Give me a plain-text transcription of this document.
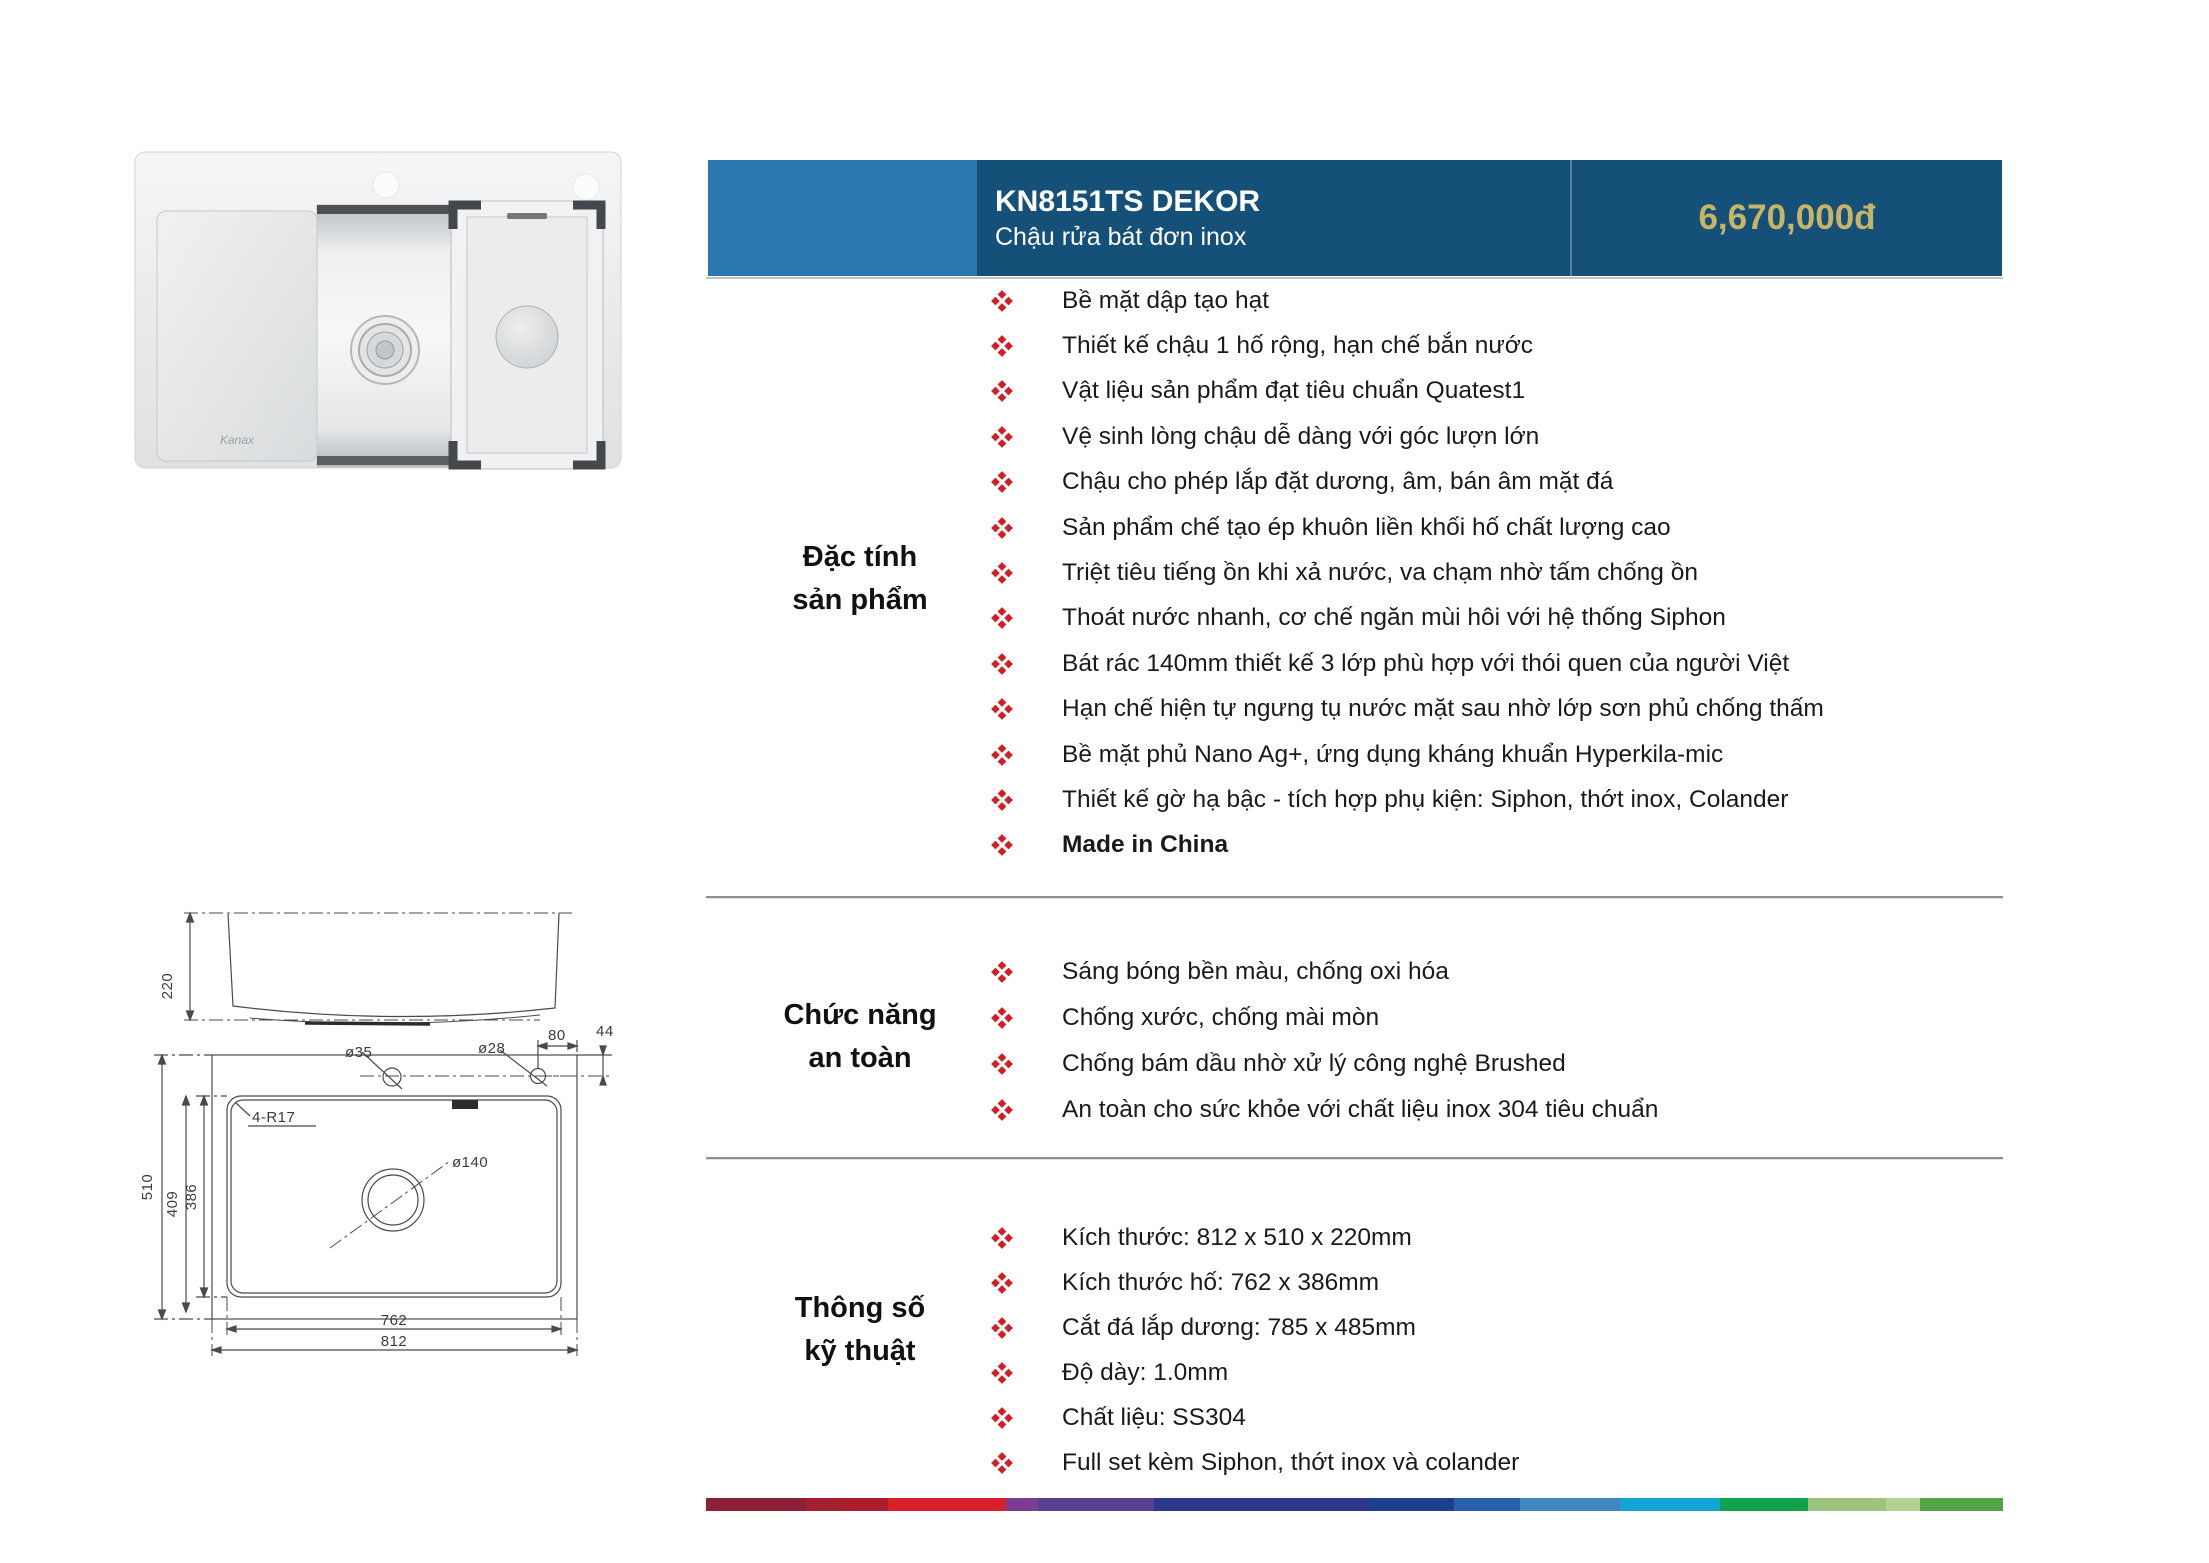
Kanax
KN8151TS DEKOR
Chậu rửa bát đơn inox	6,670,000đ
Đặc tính
sản phẩm
Chức năng
an toàn
Thông số
kỹ thuật
Bề mặt dập tạo hạt
Thiết kế chậu 1 hố rộng, hạn chế bắn nước
Vật liệu sản phẩm đạt tiêu chuẩn Quatest1
Vệ sinh lòng chậu dễ dàng với góc lượn lớn
Chậu cho phép lắp đặt dương, âm, bán âm mặt đá
Sản phẩm chế tạo ép khuôn liền khối hố chất lượng cao
Triệt tiêu tiếng ồn khi xả nước, va chạm nhờ tấm chống ồn
Thoát nước nhanh, cơ chế ngăn mùi hôi với hệ thống Siphon
Bát rác 140mm thiết kế 3 lớp phù hợp với thói quen của người Việt
Hạn chế hiện tự ngưng tụ nước mặt sau nhờ lớp sơn phủ chống thấm
Bề mặt phủ Nano Ag+, ứng dụng kháng khuẩn Hyperkila-mic
Thiết kế gờ hạ bậc - tích hợp phụ kiện: Siphon, thớt inox, Colander
Made in China
Sáng bóng bền màu, chống oxi hóa
Chống xước, chống mài mòn
Chống bám dầu nhờ xử lý công nghệ Brushed
An toàn cho sức khỏe với chất liệu inox 304 tiêu chuẩn
Kích thước: 812 x 510 x 220mm
Kích thước hố: 762 x 386mm
Cắt đá lắp dương: 785 x 485mm
Độ dày: 1.0mm
Chất liệu: SS304
Full set kèm Siphon, thớt inox và colander
220
ø35	ø28
80 44
4-R17
ø140
510
409 386
762
812
